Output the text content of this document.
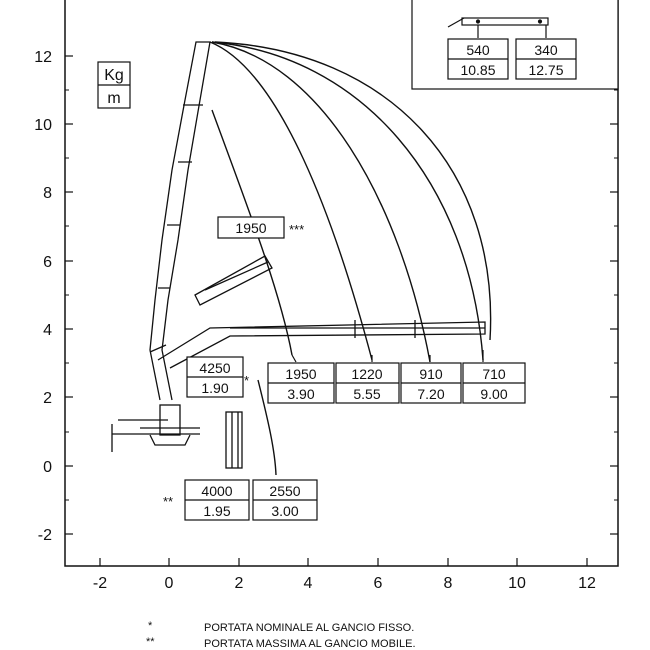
12
10
8
6
4
2
0
-2
-2	0	2	4	6	8	10	12
Kg
m
540
10.85
340
12.75
1950
3.90
1220
5.55
910
7.20
710
9.00
1950 ***
4250
1.90 *
**
4000
1.95
2550
3.00
*	PORTATA NOMINALE AL GANCIO FISSO.
**	PORTATA MASSIMA AL GANCIO MOBILE.
